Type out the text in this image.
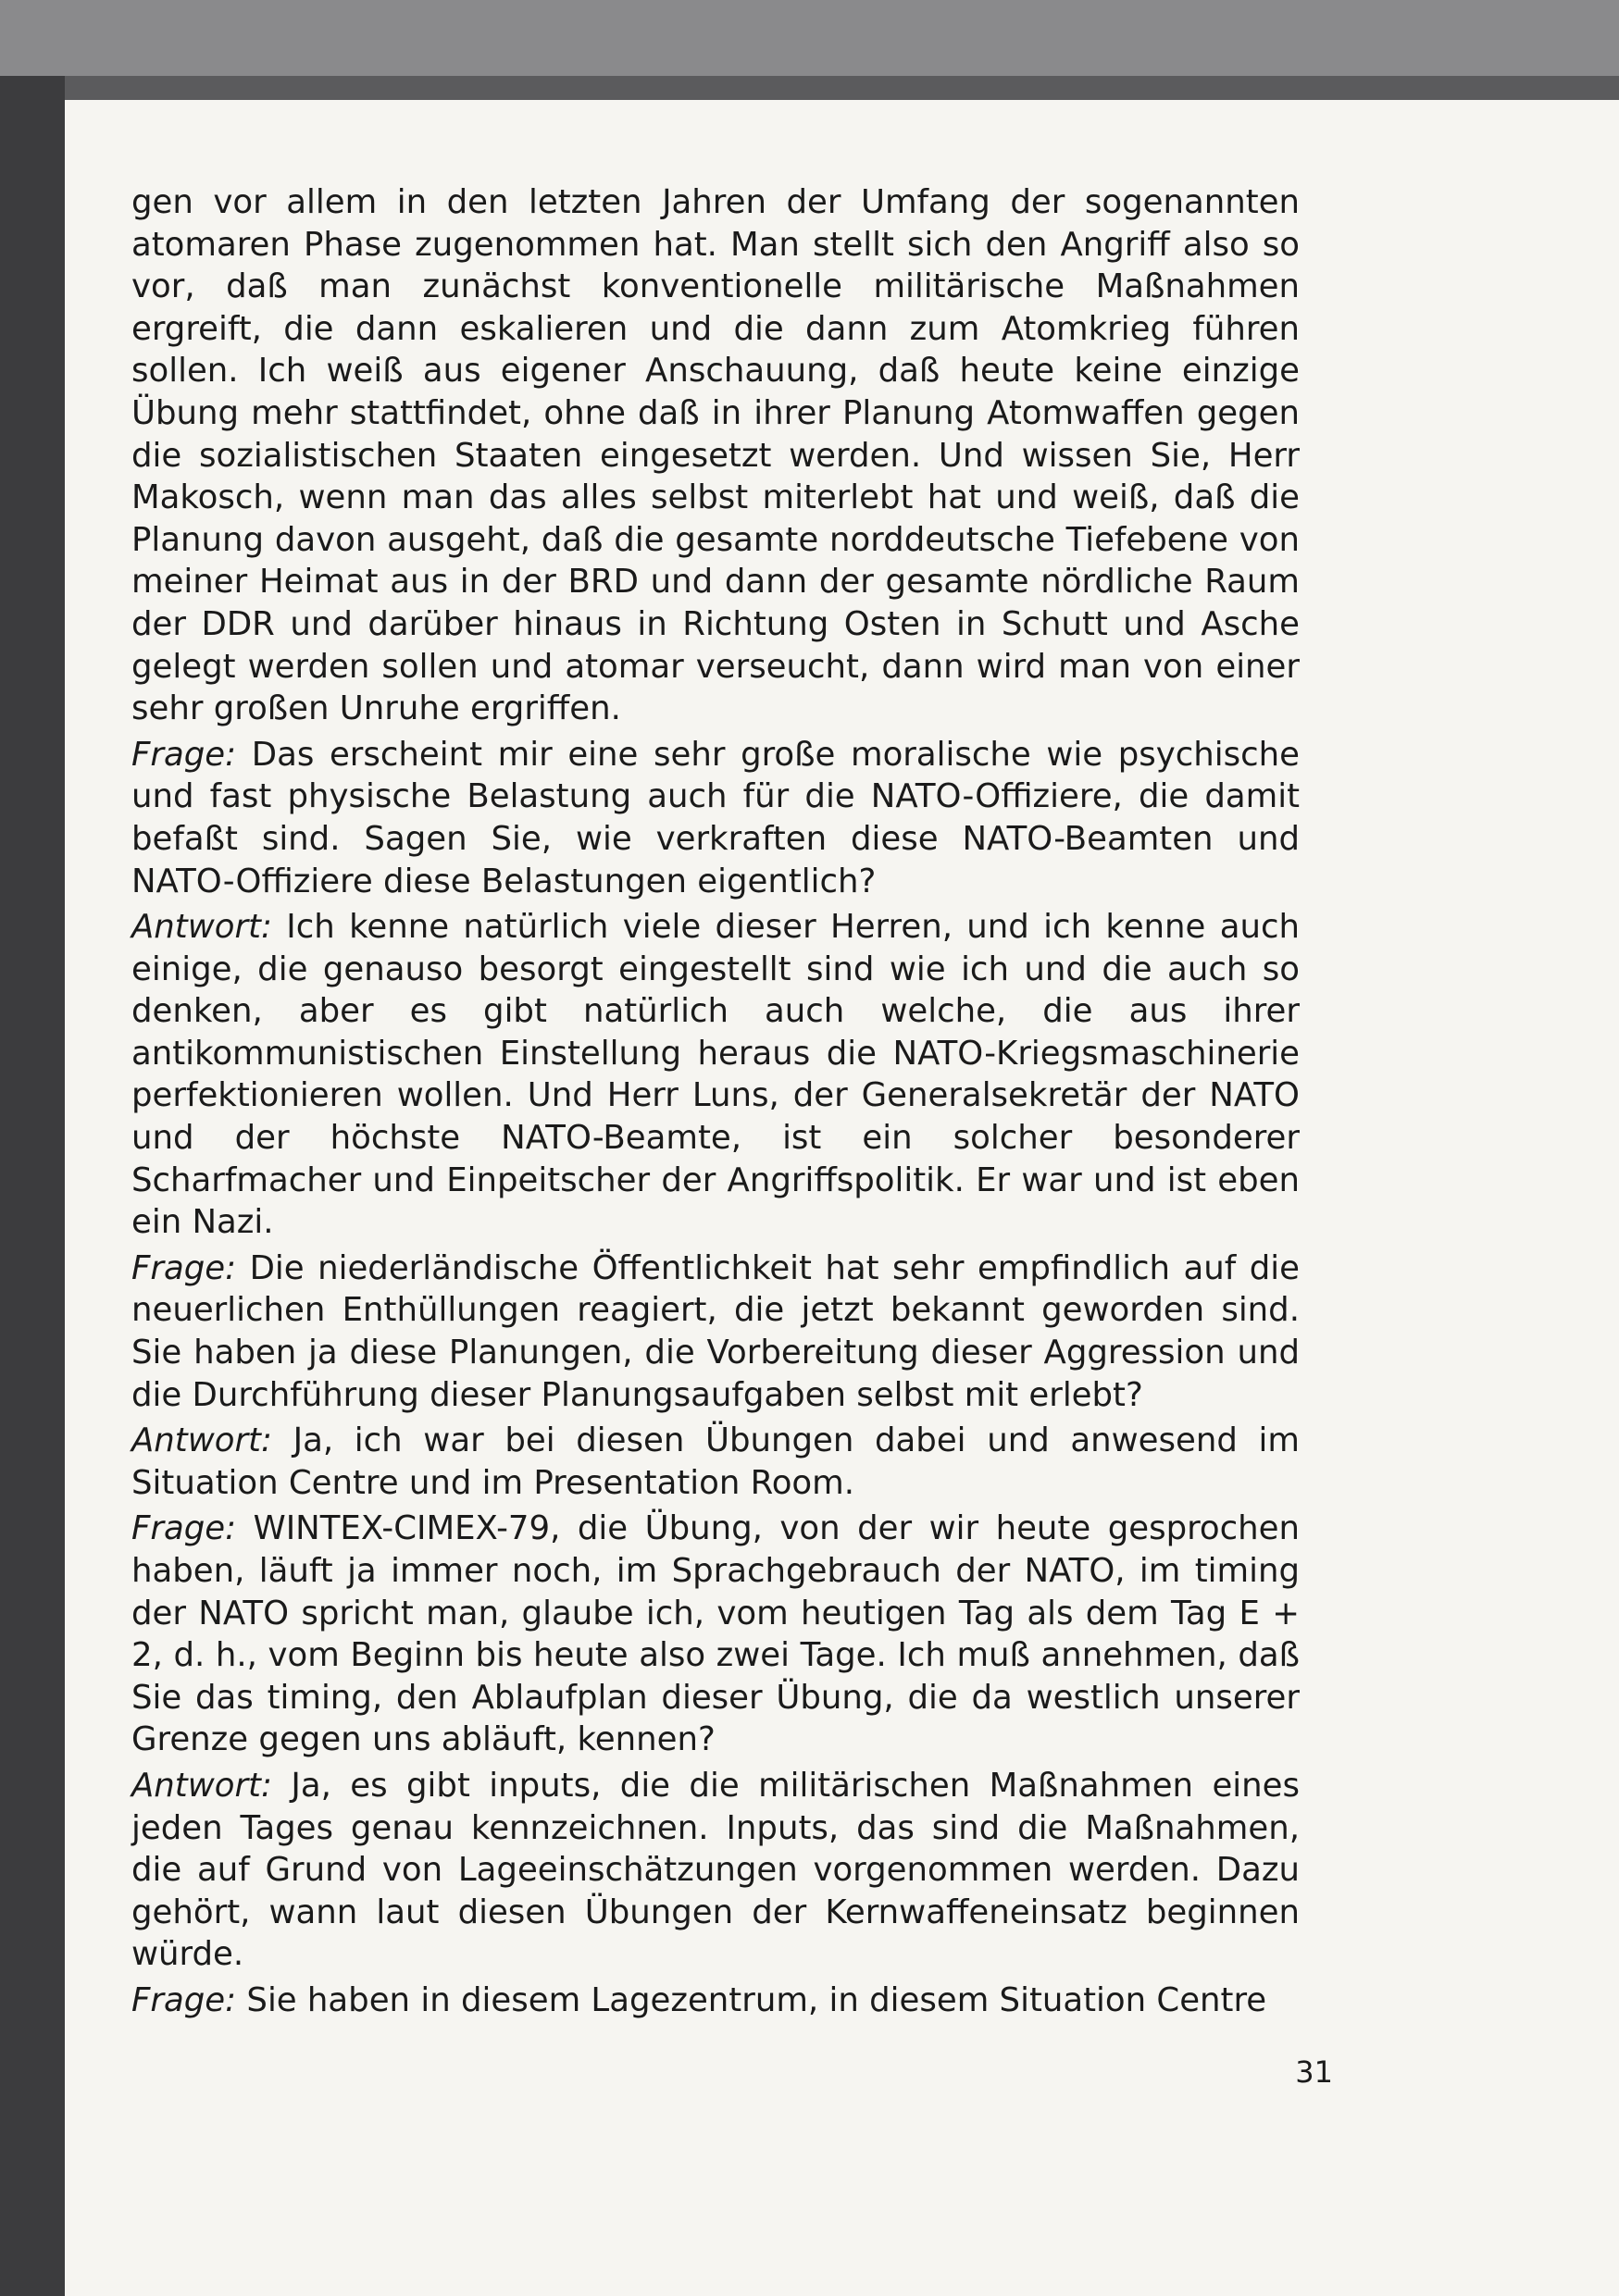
gen vor allem in den letzten Jahren der Umfang der sogenannten atomaren Phase zugenommen hat. Man stellt sich den Angriff also so vor, daß man zunächst konventionelle militärische Maßnahmen ergreift, die dann eskalieren und die dann zum Atomkrieg führen sollen. Ich weiß aus eigener Anschauung, daß heute keine einzige Übung mehr stattfindet, ohne daß in ihrer Planung Atomwaffen gegen die sozialistischen Staaten eingesetzt werden. Und wissen Sie, Herr Makosch, wenn man das alles selbst miterlebt hat und weiß, daß die Planung davon ausgeht, daß die gesamte norddeutsche Tiefebene von meiner Heimat aus in der BRD und dann der gesamte nördliche Raum der DDR und darüber hinaus in Richtung Osten in Schutt und Asche gelegt werden sollen und atomar verseucht, dann wird man von einer sehr großen Unruhe ergriffen.

Frage: Das erscheint mir eine sehr große moralische wie psychische und fast physische Belastung auch für die NATO-Offiziere, die damit befaßt sind. Sagen Sie, wie verkraften diese NATO-Beamten und NATO-Offiziere diese Belastungen eigentlich?

Antwort: Ich kenne natürlich viele dieser Herren, und ich kenne auch einige, die genauso besorgt eingestellt sind wie ich und die auch so denken, aber es gibt natürlich auch welche, die aus ihrer antikommunistischen Einstellung heraus die NATO-Kriegsmaschinerie perfektionieren wollen. Und Herr Luns, der Generalsekretär der NATO und der höchste NATO-Beamte, ist ein solcher besonderer Scharfmacher und Einpeitscher der Angriffspolitik. Er war und ist eben ein Nazi.

Frage: Die niederländische Öffentlichkeit hat sehr empfindlich auf die neuerlichen Enthüllungen reagiert, die jetzt bekannt geworden sind. Sie haben ja diese Planungen, die Vorbereitung dieser Aggression und die Durchführung dieser Planungsaufgaben selbst mit erlebt?

Antwort: Ja, ich war bei diesen Übungen dabei und anwesend im Situation Centre und im Presentation Room.

Frage: WINTEX-CIMEX-79, die Übung, von der wir heute gesprochen haben, läuft ja immer noch, im Sprachgebrauch der NATO, im timing der NATO spricht man, glaube ich, vom heutigen Tag als dem Tag E + 2, d. h., vom Beginn bis heute also zwei Tage. Ich muß annehmen, daß Sie das timing, den Ablaufplan dieser Übung, die da westlich unserer Grenze gegen uns abläuft, kennen?

Antwort: Ja, es gibt inputs, die die militärischen Maßnahmen eines jeden Tages genau kennzeichnen. Inputs, das sind die Maßnahmen, die auf Grund von Lageeinschätzungen vorgenommen werden. Dazu gehört, wann laut diesen Übungen der Kernwaffeneinsatz beginnen würde.

Frage: Sie haben in diesem Lagezentrum, in diesem Situation Centre

31
